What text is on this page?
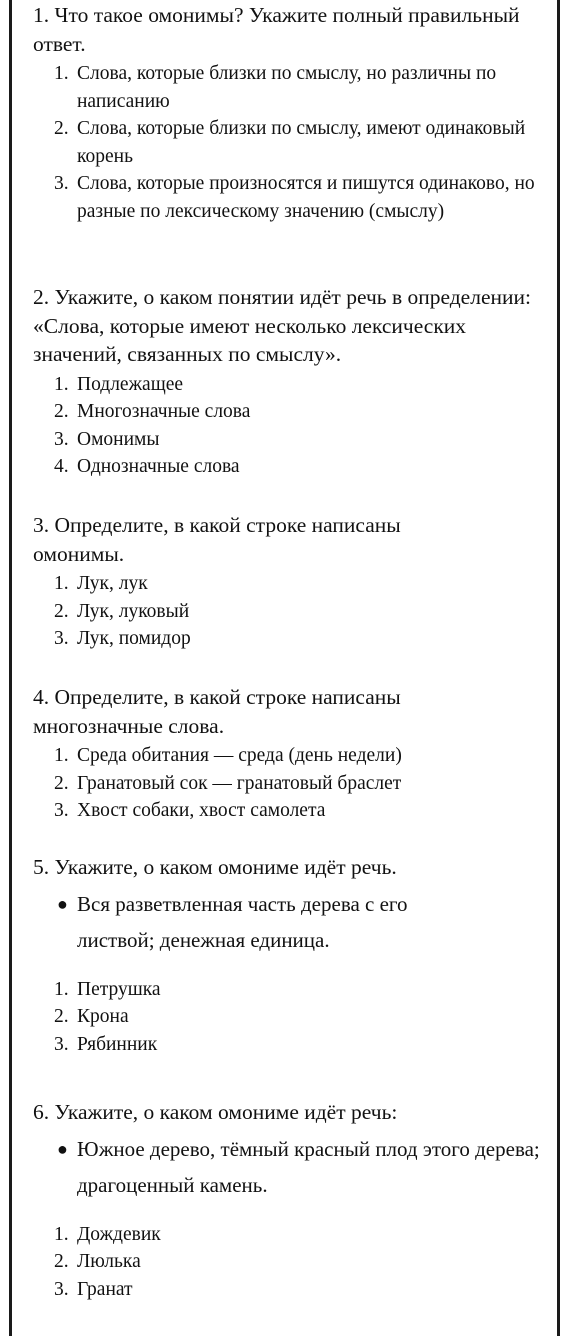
1. Что такое омонимы? Укажите полный правильный ответ.

1. Слова, которые близки по смыслу, но различны по написанию
2. Слова, которые близки по смыслу, имеют одинаковый корень
3. Слова, которые произносятся и пишутся одинаково, но разные по лексическому значению (смыслу)

2. Укажите, о каком понятии идёт речь в определении: «Слова, которые имеют несколько лексических значений, связанных по смыслу».

1. Подлежащее
2. Многозначные слова
3. Омонимы
4. Однозначные слова

3. Определите, в какой строке написаны омонимы.

1. Лук, лук
2. Лук, луковый
3. Лук, помидор

4. Определите, в какой строке написаны многозначные слова.

1. Среда обитания — среда (день недели)
2. Гранатовый сок — гранатовый браслет
3. Хвост собаки, хвост самолета

5. Укажите, о каком омониме идёт речь.

● Вся разветвленная часть дерева с его листвой; денежная единица.
1. Петрушка
2. Крона
3. Рябинник

6. Укажите, о каком омониме идёт речь:

● Южное дерево, тёмный красный плод этого дерева; драгоценный камень.
1. Дождевик
2. Люлька
3. Гранат
